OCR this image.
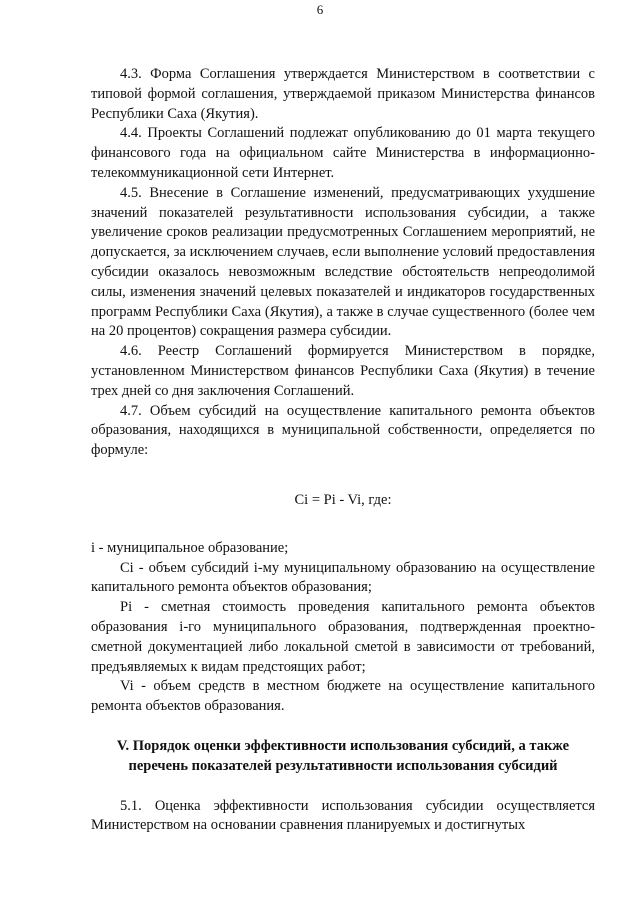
6

4.3. Форма Соглашения утверждается Министерством в соответствии с типовой формой соглашения, утверждаемой приказом Министерства финансов Республики Саха (Якутия).

4.4. Проекты Соглашений подлежат опубликованию до 01 марта текущего финансового года на официальном сайте Министерства в информационно-телекоммуникационной сети Интернет.

4.5. Внесение в Соглашение изменений, предусматривающих ухудшение значений показателей результативности использования субсидии, а также увеличение сроков реализации предусмотренных Соглашением мероприятий, не допускается, за исключением случаев, если выполнение условий предоставления субсидии оказалось невозможным вследствие обстоятельств непреодолимой силы, изменения значений целевых показателей и индикаторов государственных программ Республики Саха (Якутия), а также в случае существенного (более чем на 20 процентов) сокращения размера субсидии.

4.6. Реестр Соглашений формируется Министерством в порядке, установленном Министерством финансов Республики Саха (Якутия) в течение трех дней со дня заключения Соглашений.

4.7. Объем субсидий на осуществление капитального ремонта объектов образования, находящихся в муниципальной собственности, определяется по формуле:

Ci = Pi - Vi, где:

i - муниципальное образование;

Ci - объем субсидий i-му муниципальному образованию на осуществление капитального ремонта объектов образования;

Pi - сметная стоимость проведения капитального ремонта объектов образования i-го муниципального образования, подтвержденная проектно-сметной документацией либо локальной сметой в зависимости от требований, предъявляемых к видам предстоящих работ;

Vi - объем средств в местном бюджете на осуществление капитального ремонта объектов образования.

V. Порядок оценки эффективности использования субсидий, а также перечень показателей результативности использования субсидий

5.1. Оценка эффективности использования субсидии осуществляется Министерством на основании сравнения планируемых и достигнутых
